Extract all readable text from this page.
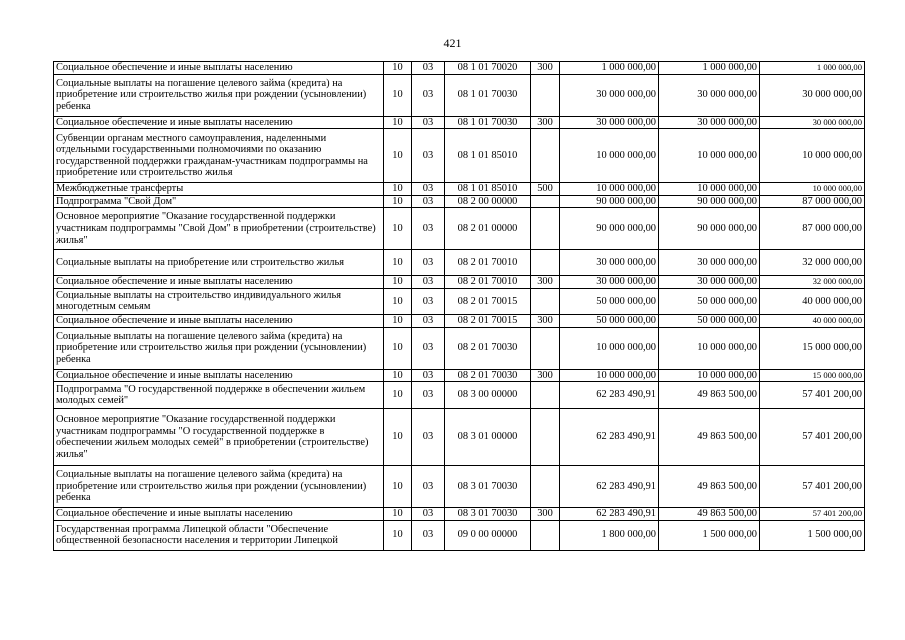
421
Социальное обеспечение и иные выплаты населению	10	03	08 1 01 70020	300	1 000 000,00	1 000 000,00	1 000 000,00
Социальные выплаты на погашение целевого займа (кредита) на приобретение или строительство жилья при рождении (усыновлении) ребенка	10	03	08 1 01 70030		30 000 000,00	30 000 000,00	30 000 000,00
Социальное обеспечение и иные выплаты населению	10	03	08 1 01 70030	300	30 000 000,00	30 000 000,00	30 000 000,00
Субвенции органам местного самоуправления, наделенными отдельными государственными полномочиями по оказанию государственной поддержки гражданам-участникам подпрограммы на приобретение или строительство жилья	10	03	08 1 01 85010		10 000 000,00	10 000 000,00	10 000 000,00
Межбюджетные трансферты	10	03	08 1 01 85010	500	10 000 000,00	10 000 000,00	10 000 000,00
Подпрограмма "Свой Дом"	10	03	08 2 00 00000		90 000 000,00	90 000 000,00	87 000 000,00
Основное мероприятие "Оказание государственной поддержки участникам подпрограммы "Свой Дом" в приобретении (строительстве) жилья"	10	03	08 2 01 00000		90 000 000,00	90 000 000,00	87 000 000,00
Социальные выплаты на приобретение или строительство жилья	10	03	08 2 01 70010		30 000 000,00	30 000 000,00	32 000 000,00
Социальное обеспечение и иные выплаты населению	10	03	08 2 01 70010	300	30 000 000,00	30 000 000,00	32 000 000,00
Социальные выплаты на строительство индивидуального жилья многодетным семьям	10	03	08 2 01 70015		50 000 000,00	50 000 000,00	40 000 000,00
Социальное обеспечение и иные выплаты населению	10	03	08 2 01 70015	300	50 000 000,00	50 000 000,00	40 000 000,00
Социальные выплаты на погашение целевого займа (кредита) на приобретение или строительство жилья при рождении (усыновлении) ребенка	10	03	08 2 01 70030		10 000 000,00	10 000 000,00	15 000 000,00
Социальное обеспечение и иные выплаты населению	10	03	08 2 01 70030	300	10 000 000,00	10 000 000,00	15 000 000,00
Подпрограмма "О государственной поддержке в обеспечении жильем молодых семей"	10	03	08 3 00 00000		62 283 490,91	49 863 500,00	57 401 200,00
Основное мероприятие "Оказание государственной поддержки участникам подпрограммы "О государственной поддержке в обеспечении жильем молодых семей" в приобретении (строительстве) жилья"	10	03	08 3 01 00000		62 283 490,91	49 863 500,00	57 401 200,00
Социальные выплаты на погашение целевого займа (кредита) на приобретение или строительство жилья при рождении (усыновлении) ребенка	10	03	08 3 01 70030		62 283 490,91	49 863 500,00	57 401 200,00
Социальное обеспечение и иные выплаты населению	10	03	08 3 01 70030	300	62 283 490,91	49 863 500,00	57 401 200,00
Государственная программа Липецкой области "Обеспечение общественной безопасности населения и территории Липецкой	10	03	09 0 00 00000		1 800 000,00	1 500 000,00	1 500 000,00
